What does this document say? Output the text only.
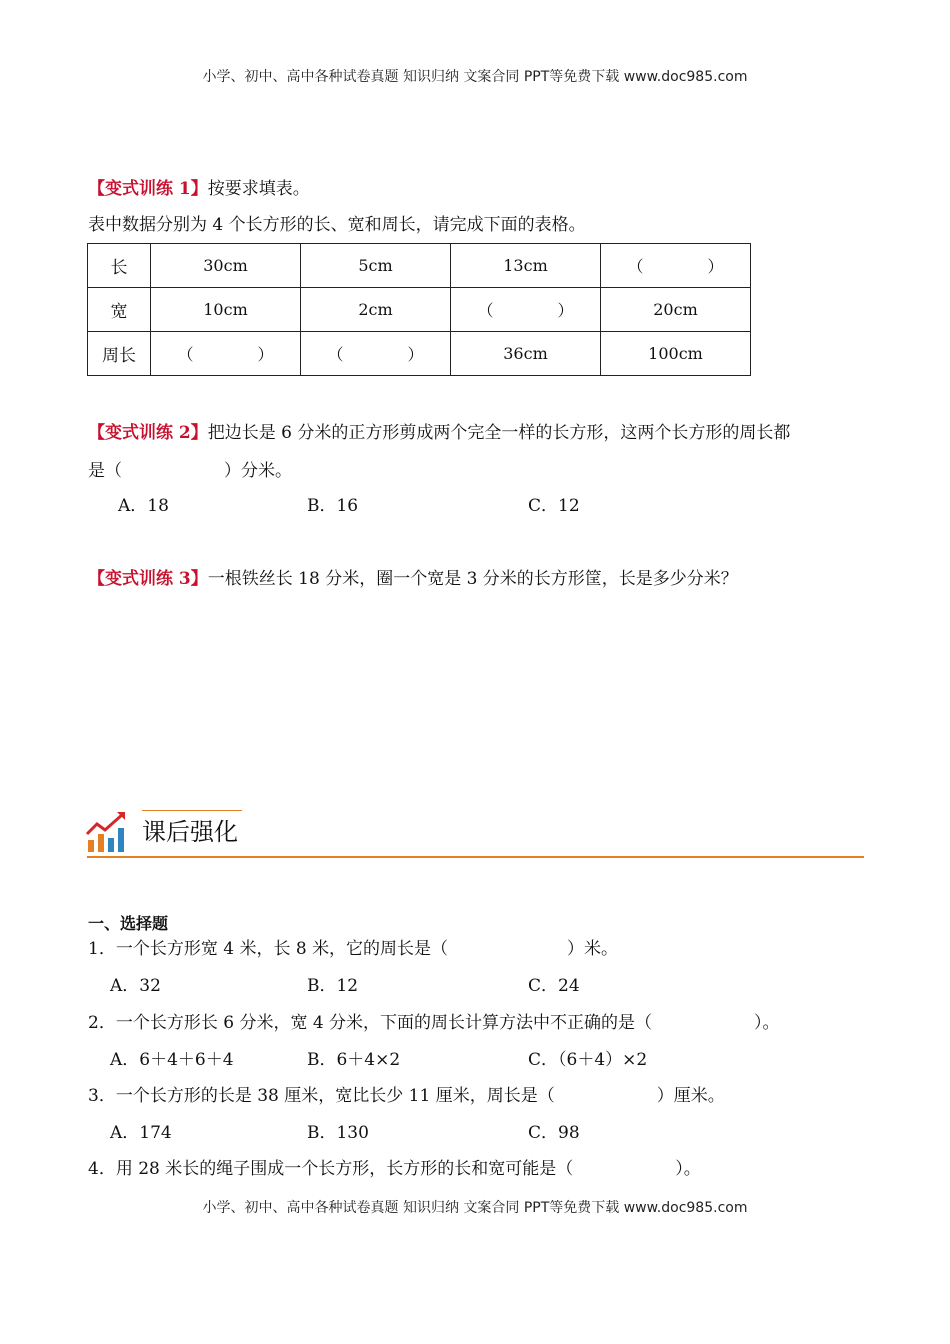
小学、初中、高中各种试卷真题 知识归纳 文案合同 PPT等免费下载 www.doc985.com
【变式训练 1】按要求填表。
表中数据分别为 4 个长方形的长、宽和周长，请完成下面的表格。
长	30cm	5cm	13cm	（　　　　）
宽	10cm	2cm	（　　　　）	20cm
周长	（　　　　）	（　　　　）	36cm	100cm
【变式训练 2】把边长是 6 分米的正方形剪成两个完全一样的长方形，这两个长方形的周长都
是（　　　　　　）分米。
A．18	B．16	C．12
【变式训练 3】一根铁丝长 18 分米，圈一个宽是 3 分米的长方形筐，长是多少分米？
课后强化
一、选择题
1．一个长方形宽 4 米，长 8 米，它的周长是（　　　　　　　）米。
A．32	B．12	C．24
2．一个长方形长 6 分米，宽 4 分米，下面的周长计算方法中不正确的是（　　　　　　）。
A．6＋4＋6＋4	B．6＋4×2	C．（6＋4）×2
3．一个长方形的长是 38 厘米，宽比长少 11 厘米，周长是（　　　　　　）厘米。
A．174	B．130	C．98
4．用 28 米长的绳子围成一个长方形，长方形的长和宽可能是（　　　　　　）。
小学、初中、高中各种试卷真题 知识归纳 文案合同 PPT等免费下载 www.doc985.com
